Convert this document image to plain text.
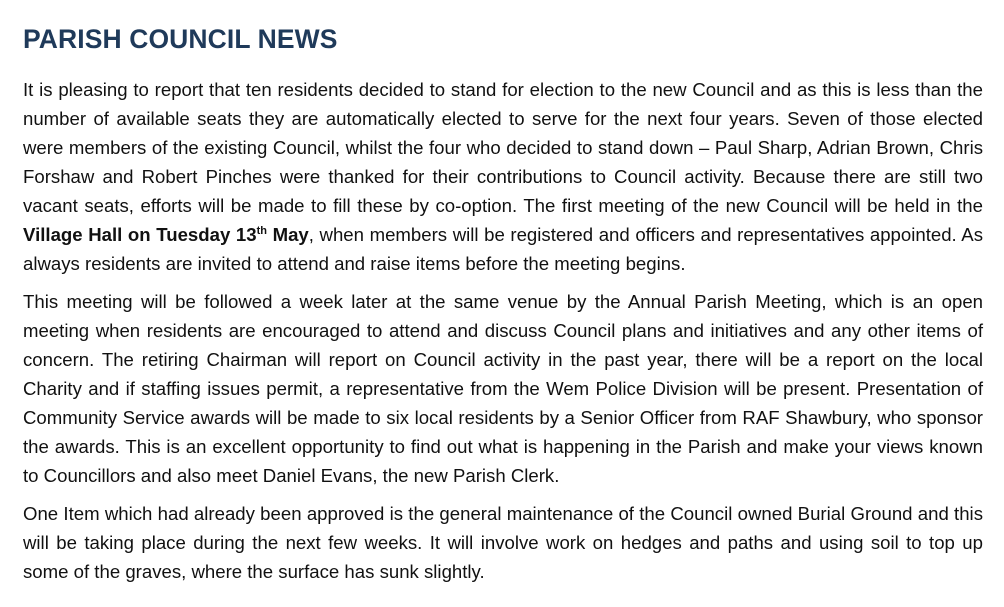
PARISH COUNCIL NEWS

It is pleasing to report that ten residents decided to stand for election to the new Council and as this is less than the number of available seats they are automatically elected to serve for the next four years. Seven of those elected were members of the existing Council, whilst the four who decided to stand down – Paul Sharp, Adrian Brown, Chris Forshaw and Robert Pinches were thanked for their contributions to Council activity. Because there are still two vacant seats, efforts will be made to fill these by co-option. The first meeting of the new Council will be held in the Village Hall on Tuesday 13th May, when members will be registered and officers and representatives appointed. As always residents are invited to attend and raise items before the meeting begins.

This meeting will be followed a week later at the same venue by the Annual Parish Meeting, which is an open meeting when residents are encouraged to attend and discuss Council plans and initiatives and any other items of concern. The retiring Chairman will report on Council activity in the past year, there will be a report on the local Charity and if staffing issues permit, a representative from the Wem Police Division will be present. Presentation of Community Service awards will be made to six local residents by a Senior Officer from RAF Shawbury, who sponsor the awards. This is an excellent opportunity to find out what is happening in the Parish and make your views known to Councillors and also meet Daniel Evans, the new Parish Clerk.

One Item which had already been approved is the general maintenance of the Council owned Burial Ground and this will be taking place during the next few weeks. It will involve work on hedges and paths and using soil to top up some of the graves, where the surface has sunk slightly.
